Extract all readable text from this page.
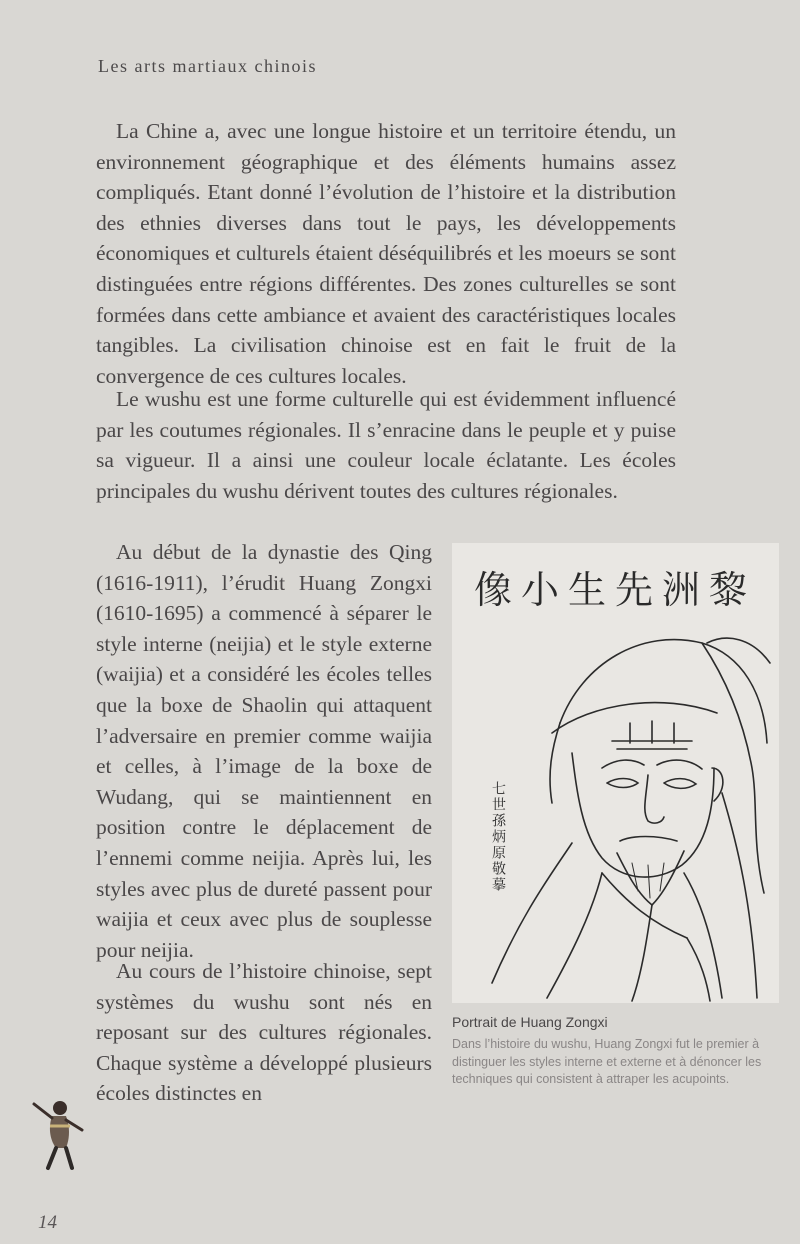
Les arts martiaux chinois

La Chine a, avec une longue histoire et un territoire étendu, un environnement géographique et des éléments humains assez compliqués. Etant donné l’évolution de l’histoire et la distribution des ethnies diverses dans tout le pays, les développements économiques et culturels étaient déséquilibrés et les moeurs se sont distinguées entre régions différentes. Des zones culturelles se sont formées dans cette ambiance et avaient des caractéristiques locales tangibles. La civilisation chinoise est en fait le fruit de la convergence de ces cultures locales.

Le wushu est une forme culturelle qui est évidemment influencé par les coutumes régionales. Il s’enracine dans le peuple et y puise sa vigueur. Il a ainsi une couleur locale éclatante. Les écoles principales du wushu dérivent toutes des cultures régionales.

Au début de la dynastie des Qing (1616-1911), l’érudit Huang Zongxi (1610-1695) a commencé à séparer le style interne (neijia) et le style externe (waijia) et a considéré les écoles telles que la boxe de Shaolin qui attaquent l’adversaire en premier comme waijia et celles, à l’image de la boxe de Wudang, qui se maintiennent en position contre le déplacement de l’ennemi comme neijia. Après lui, les styles avec plus de dureté passent pour waijia et ceux avec plus de souplesse pour neijia.

Au cours de l’histoire chinoise, sept systèmes du wushu sont nés en reposant sur des cultures régionales. Chaque système a développé plusieurs écoles distinctes en

黎洲先生小像
七世孫炳原敬摹
Portrait de Huang Zongxi
Dans l’histoire du wushu, Huang Zongxi fut le premier à distinguer les styles interne et externe et à dénoncer les techniques qui consistent à attraper les acupoints.
14
